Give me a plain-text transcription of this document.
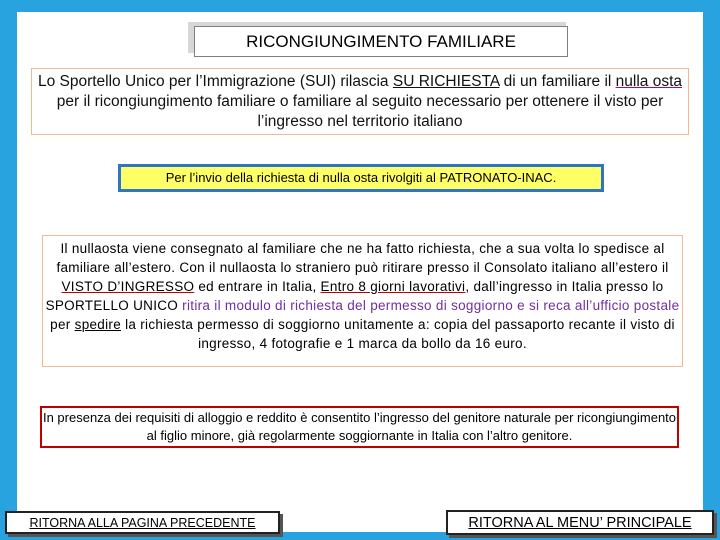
RICONGIUNGIMENTO FAMILIARE
Lo Sportello Unico per l’Immigrazione (SUI) rilascia SU RICHIESTA di un familiare il nulla osta per il ricongiungimento familiare o familiare al seguito necessario per ottenere il visto per l’ingresso nel territorio italiano
Per l’invio della richiesta di nulla osta rivolgiti al PATRONATO-INAC.
Il nullaosta viene consegnato al familiare che ne ha fatto richiesta, che a sua volta lo spedisce al familiare all’estero. Con il nullaosta lo straniero può ritirare presso il Consolato italiano all’estero il VISTO D’INGRESSO ed entrare in Italia, Entro 8 giorni lavorativi, dall’ingresso in Italia presso lo SPORTELLO UNICO ritira il modulo di richiesta del permesso di soggiorno e si reca all’ufficio postale per spedire la richiesta permesso di soggiorno unitamente a: copia del passaporto recante il visto di ingresso, 4 fotografie e 1 marca da bollo da 16 euro.
In presenza dei requisiti di alloggio e reddito è consentito l’ingresso del genitore naturale per ricongiungimento al figlio minore, già regolarmente soggiornante in Italia con l’altro genitore.
RITORNA ALLA PAGINA PRECEDENTE	RITORNA AL MENU’ PRINCIPALE
